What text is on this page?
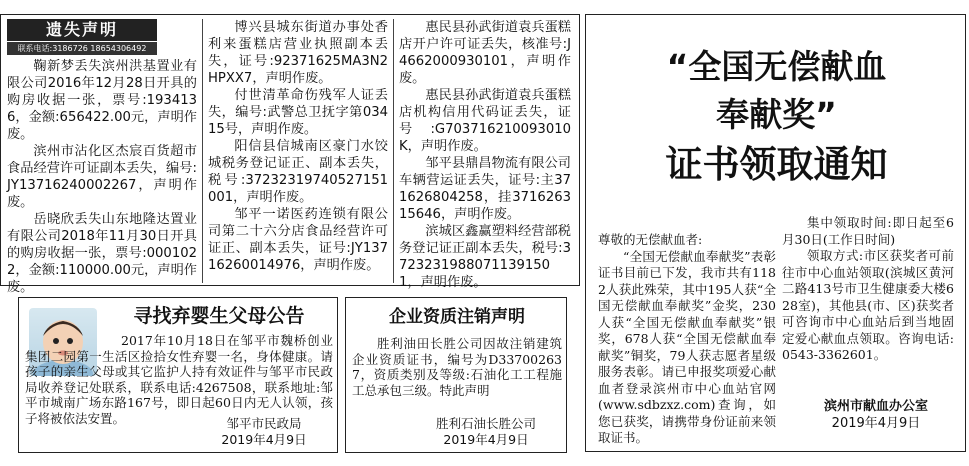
遗失声明
联系电话:3186726 18654306492

鞠新梦丢失滨州洪基置业有限公司2016年12月28日开具的购房收据一张，票号:1934136，金额:656422.00元，声明作废。

滨州市沾化区杰宸百货超市食品经营许可证副本丢失，编号:JY13716240002267，声明作废。

岳晓欣丢失山东地隆达置业有限公司2018年11月30日开具的购房收据一张，票号:0001022，金额:110000.00元，声明作废。

博兴县城东街道办事处香利来蛋糕店营业执照副本丢失，证号:92371625MA3N2HPXX7，声明作废。

付世清革命伤残军人证丢失，编号:武警总卫抚字第03415号，声明作废。

阳信县信城南区豪门水饺城税务登记证正、副本丢失，税号:372323197405271510​01，声明作废。

邹平一诺医药连锁有限公司第二十六分店食品经营许可证正、副本丢失，证号:JY13716260014976，声明作废。

惠民县孙武街道袁兵蛋糕店开户许可证丢失，核准号:J4662000930101，声明作废。

惠民县孙武街道袁兵蛋糕店机构信用代码证丢失，证号:G703716210093010K，声明作废。

邹平县鼎昌物流有限公司车辆营运证丢失，证号:主371626804258，挂371626315646，声明作废。

滨城区鑫赢塑料经营部税务登记证正副本丢失，税号:372323198807113915​01，声明作废。

“全国无偿献血
奉献奖”
证书领取通知

尊敬的无偿献血者:

“全国无偿献血奉献奖”表彰证书目前已下发，我市共有1182人获此殊荣，其中195人获“全国无偿献血奉献奖”金奖，230人获“全国无偿献血奉献奖”银奖，678人获“全国无偿献血奉献奖”铜奖，79人获志愿者星级服务表彰。请已申报奖项爱心献血者登录滨州市中心血站官网(www.sdbzxz.com)查询，如您已获奖，请携带身份证前来领取证书。

集中领取时间:即日起至6月30日(工作日时间)

领取方式:市区获奖者可前往市中心血站领取(滨城区黄河二路413号市卫生健康委大楼628室)，其他县(市、区)获奖者可咨询市中心血站后到当地固定爱心献血点领取。咨询电话:0543-3362601。

滨州市献血办公室
2019年4月9日
寻找弃婴生父母公告

2017年10月18日在邹平市魏桥创业集团二园第一生活区捡拾女性弃婴一名，身体健康。请孩子的亲生父母或其它监护人持有效证件与邹平市民政局收养登记处联系，联系电话:4267508，联系地址:邹平市城南广场东路167号，即日起60日内无人认领，孩子将被依法安置。	邹平市民政局
2019年4月9日
企业资质注销声明

胜利油田长胜公司因故注销建筑企业资质证书，编号为D337002637，资质类别及等级:石油化工工程施工总承包三级。特此声明

胜利石油长胜公司
2019年4月9日
